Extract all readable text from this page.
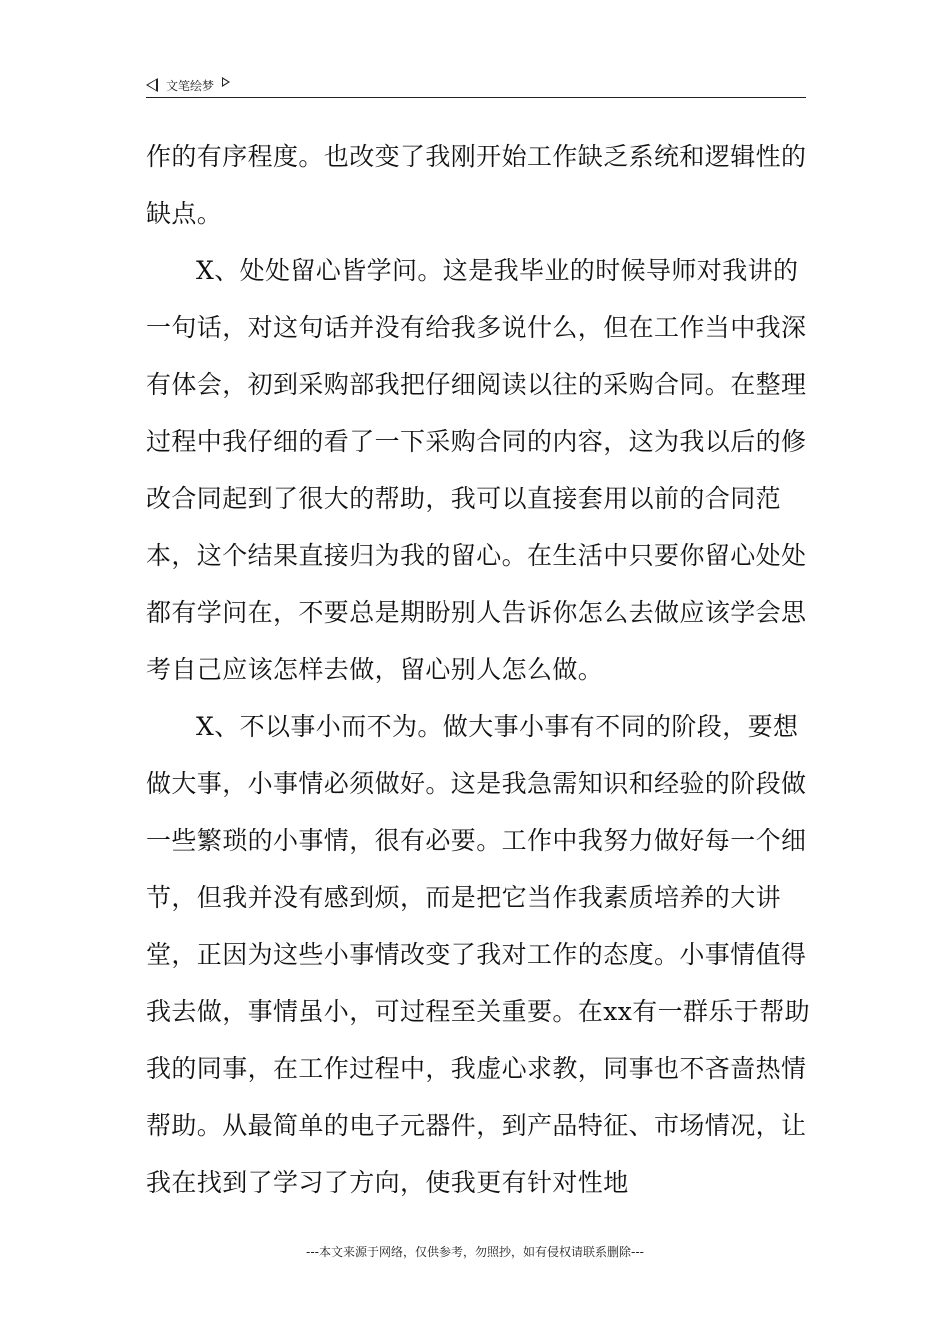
文笔绘梦

作的有序程度。也改变了我刚开始工作缺乏系统和逻辑性的缺点。

X、处处留心皆学问。这是我毕业的时候导师对我讲的一句话，对这句话并没有给我多说什么，但在工作当中我深有体会，初到采购部我把仔细阅读以往的采购合同。在整理过程中我仔细的看了一下采购合同的内容，这为我以后的修改合同起到了很大的帮助，我可以直接套用以前的合同范本，这个结果直接归为我的留心。在生活中只要你留心处处都有学问在，不要总是期盼别人告诉你怎么去做应该学会思考自己应该怎样去做，留心别人怎么做。

X、不以事小而不为。做大事小事有不同的阶段，要想做大事，小事情必须做好。这是我急需知识和经验的阶段做一些繁琐的小事情，很有必要。工作中我努力做好每一个细节，但我并没有感到烦，而是把它当作我素质培养的大讲堂，正因为这些小事情改变了我对工作的态度。小事情值得我去做，事情虽小，可过程至关重要。在xx有一群乐于帮助我的同事，在工作过程中，我虚心求教，同事也不吝啬热情帮助。从最简单的电子元器件，到产品特征、市场情况，让我在找到了学习了方向，使我更有针对性地

---本文来源于网络，仅供参考，勿照抄，如有侵权请联系删除---
